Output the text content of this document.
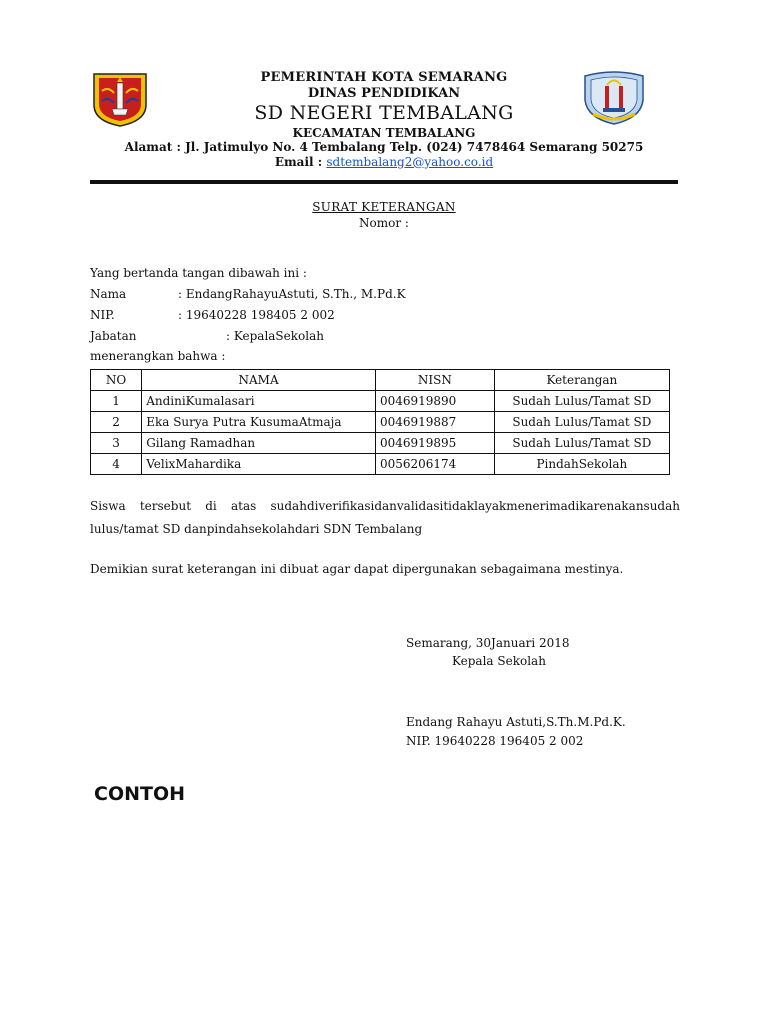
PEMERINTAH KOTA SEMARANG
DINAS PENDIDIKAN
SD NEGERI TEMBALANG
KECAMATAN TEMBALANG
Alamat : Jl. Jatimulyo No. 4 Tembalang Telp. (024) 7478464 Semarang 50275
Email : sdtembalang2@yahoo.co.id
SURAT KETERANGAN
Nomor :
Yang bertanda tangan dibawah ini :
Nama	: EndangRahayuAstuti, S.Th., M.Pd.K
NIP.	: 19640228 198405 2 002
Jabatan	: KepalaSekolah
menerangkan bahwa :
NO	NAMA	NISN	Keterangan
1	AndiniKumalasari	0046919890	Sudah Lulus/Tamat SD
2	Eka Surya Putra KusumaAtmaja	0046919887	Sudah Lulus/Tamat SD
3	Gilang Ramadhan	0046919895	Sudah Lulus/Tamat SD
4	VelixMahardika	0056206174	PindahSekolah
Siswa tersebut di atas sudahdiverifikasidanvalidasitidaklayakmenerimadikarenakansudah lulus/tamat SD danpindahsekolahdari SDN Tembalang
Demikian surat keterangan ini dibuat agar dapat dipergunakan sebagaimana mestinya.
Semarang, 30Januari 2018
Kepala Sekolah
Endang Rahayu Astuti,S.Th.M.Pd.K.
NIP. 19640228 196405 2 002
CONTOH
